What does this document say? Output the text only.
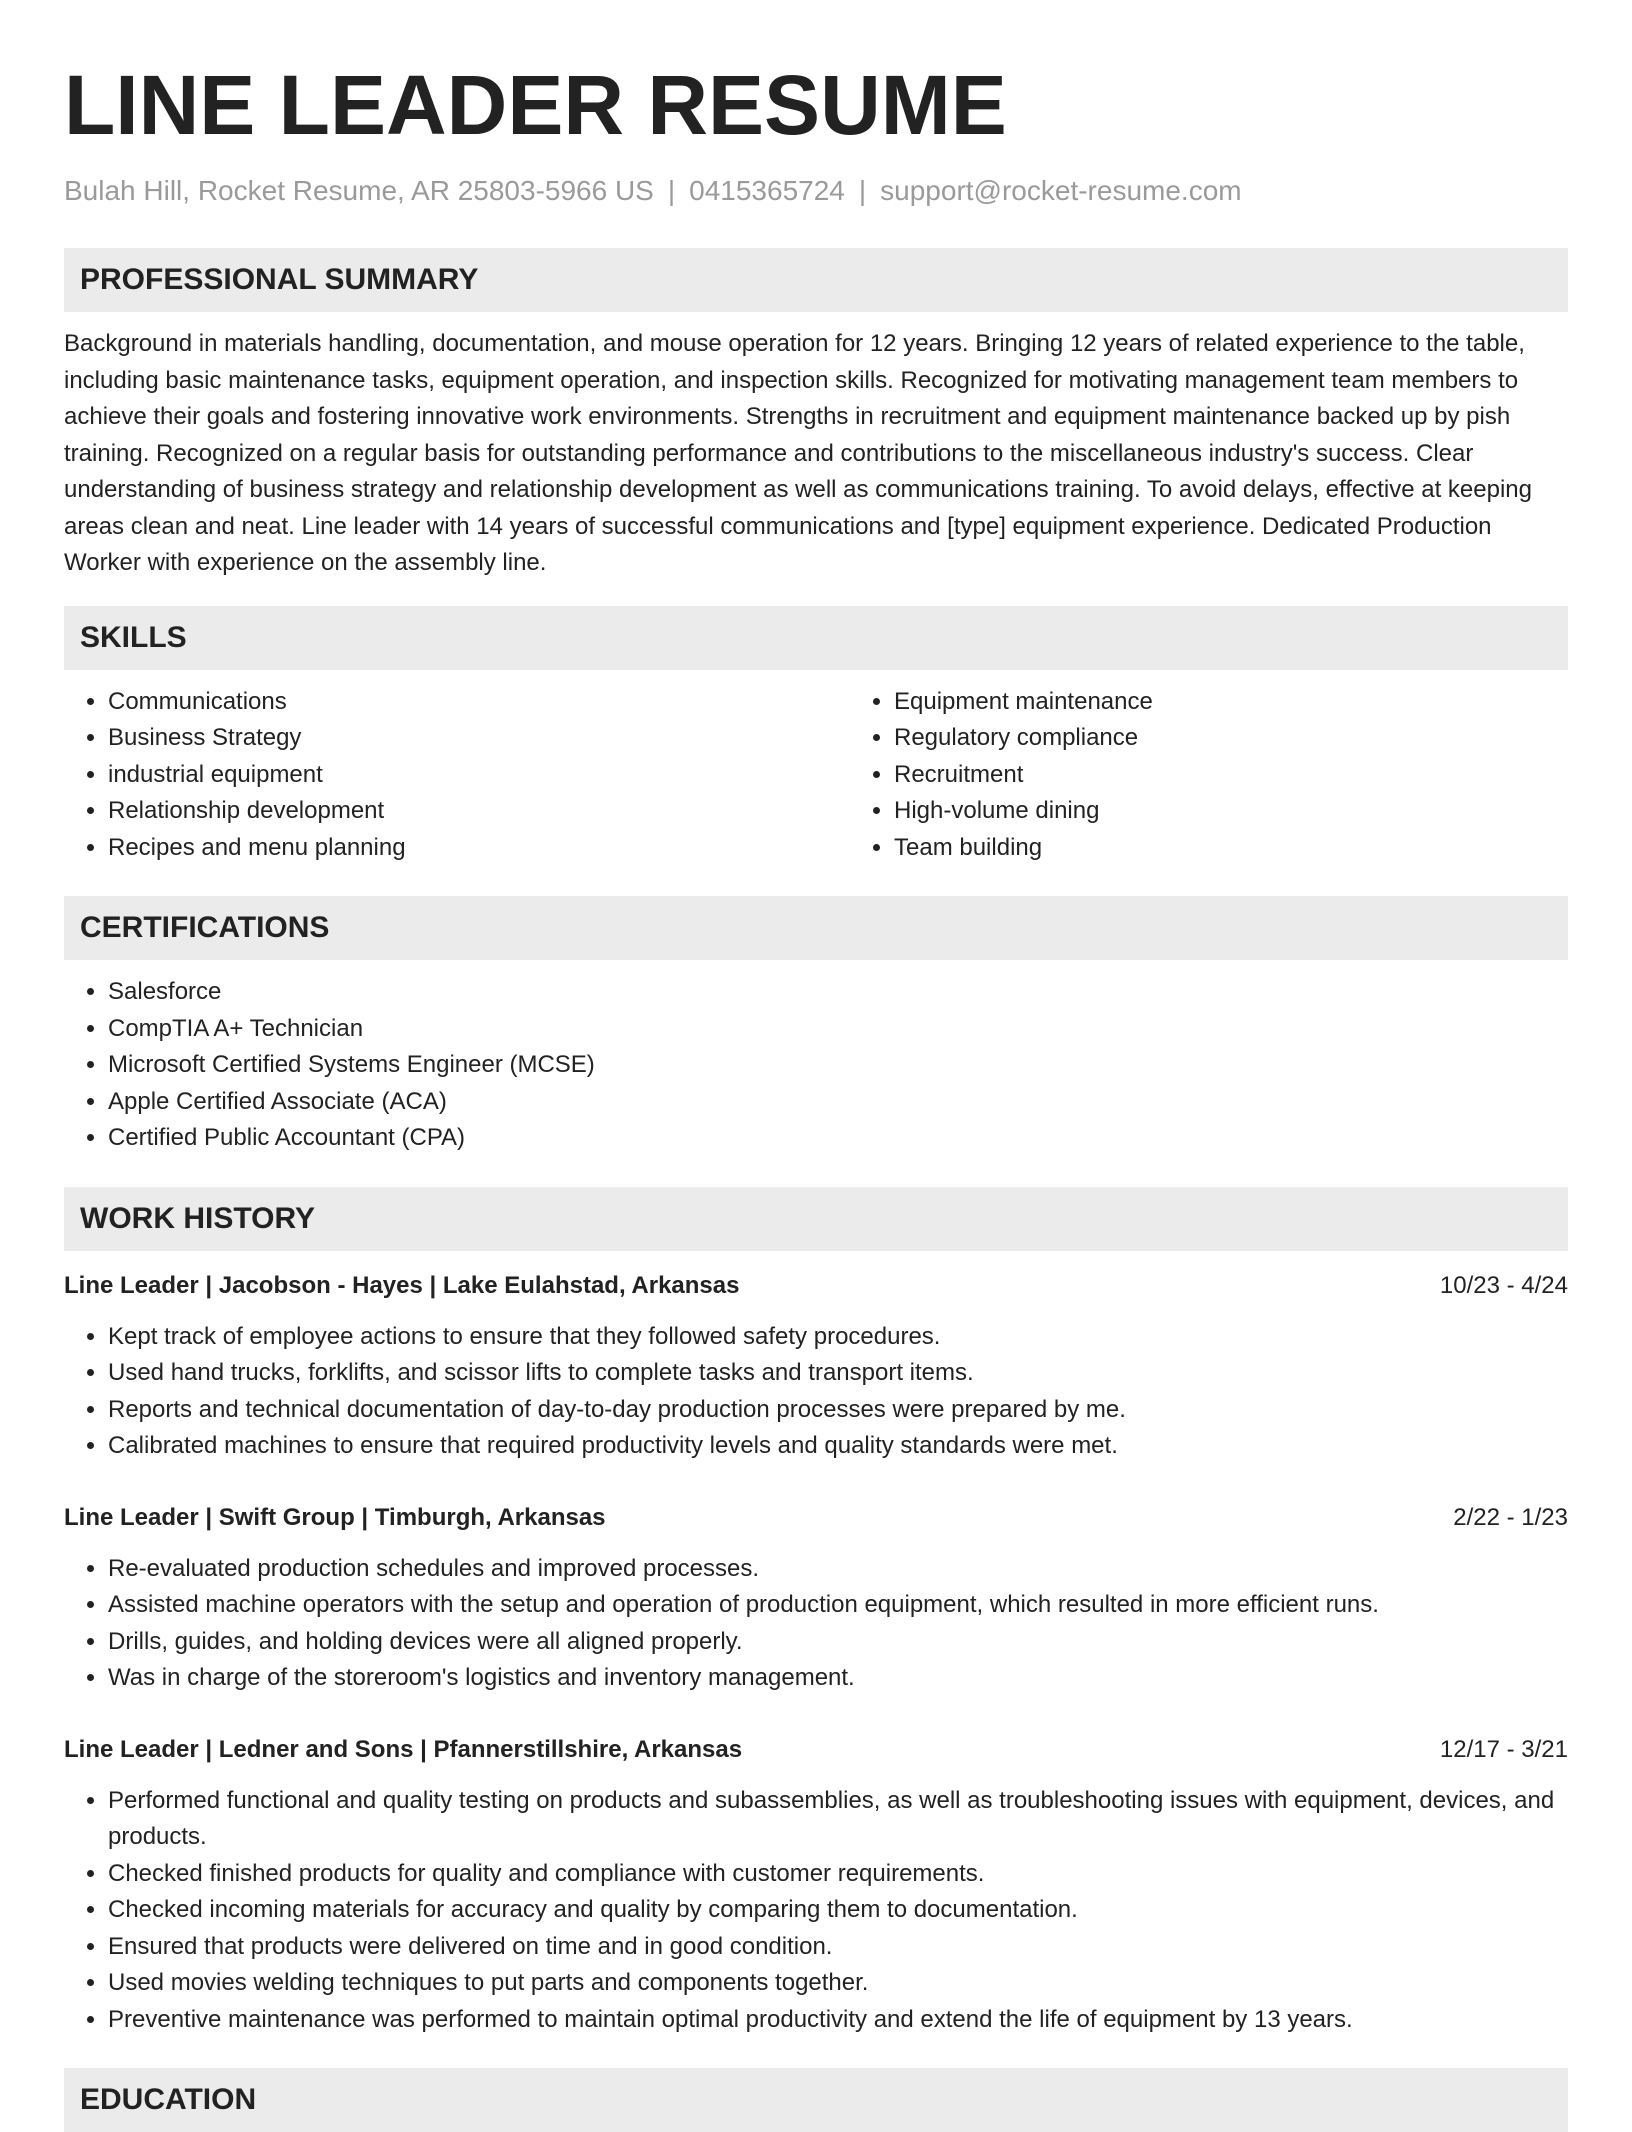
LINE LEADER RESUME
Bulah Hill, Rocket Resume, AR 25803-5966 US | 0415365724 | support@rocket-resume.com
PROFESSIONAL SUMMARY

Background in materials handling, documentation, and mouse operation for 12 years. Bringing 12 years of related experience to the table, including basic maintenance tasks, equipment operation, and inspection skills. Recognized for motivating management team members to achieve their goals and fostering innovative work environments. Strengths in recruitment and equipment maintenance backed up by pish training. Recognized on a regular basis for outstanding performance and contributions to the miscellaneous industry's success. Clear understanding of business strategy and relationship development as well as communications training. To avoid delays, effective at keeping areas clean and neat. Line leader with 14 years of successful communications and [type] equipment experience. Dedicated Production Worker with experience on the assembly line.

SKILLS
• Communications
• Business Strategy
• industrial equipment
• Relationship development
• Recipes and menu planning
• Equipment maintenance
• Regulatory compliance
• Recruitment
• High-volume dining
• Team building
CERTIFICATIONS
• Salesforce
• CompTIA A+ Technician
• Microsoft Certified Systems Engineer (MCSE)
• Apple Certified Associate (ACA)
• Certified Public Accountant (CPA)
WORK HISTORY
Line Leader | Jacobson - Hayes | Lake Eulahstad, Arkansas	10/23 - 4/24
• Kept track of employee actions to ensure that they followed safety procedures.
• Used hand trucks, forklifts, and scissor lifts to complete tasks and transport items.
• Reports and technical documentation of day-to-day production processes were prepared by me.
• Calibrated machines to ensure that required productivity levels and quality standards were met.
Line Leader | Swift Group | Timburgh, Arkansas	2/22 - 1/23
• Re-evaluated production schedules and improved processes.
• Assisted machine operators with the setup and operation of production equipment, which resulted in more efficient runs.
• Drills, guides, and holding devices were all aligned properly.
• Was in charge of the storeroom's logistics and inventory management.
Line Leader | Ledner and Sons | Pfannerstillshire, Arkansas	12/17 - 3/21
• Performed functional and quality testing on products and subassemblies, as well as troubleshooting issues with equipment, devices, and products.
• Checked finished products for quality and compliance with customer requirements.
• Checked incoming materials for accuracy and quality by comparing them to documentation.
• Ensured that products were delivered on time and in good condition.
• Used movies welding techniques to put parts and components together.
• Preventive maintenance was performed to maintain optimal productivity and extend the life of equipment by 13 years.
EDUCATION
